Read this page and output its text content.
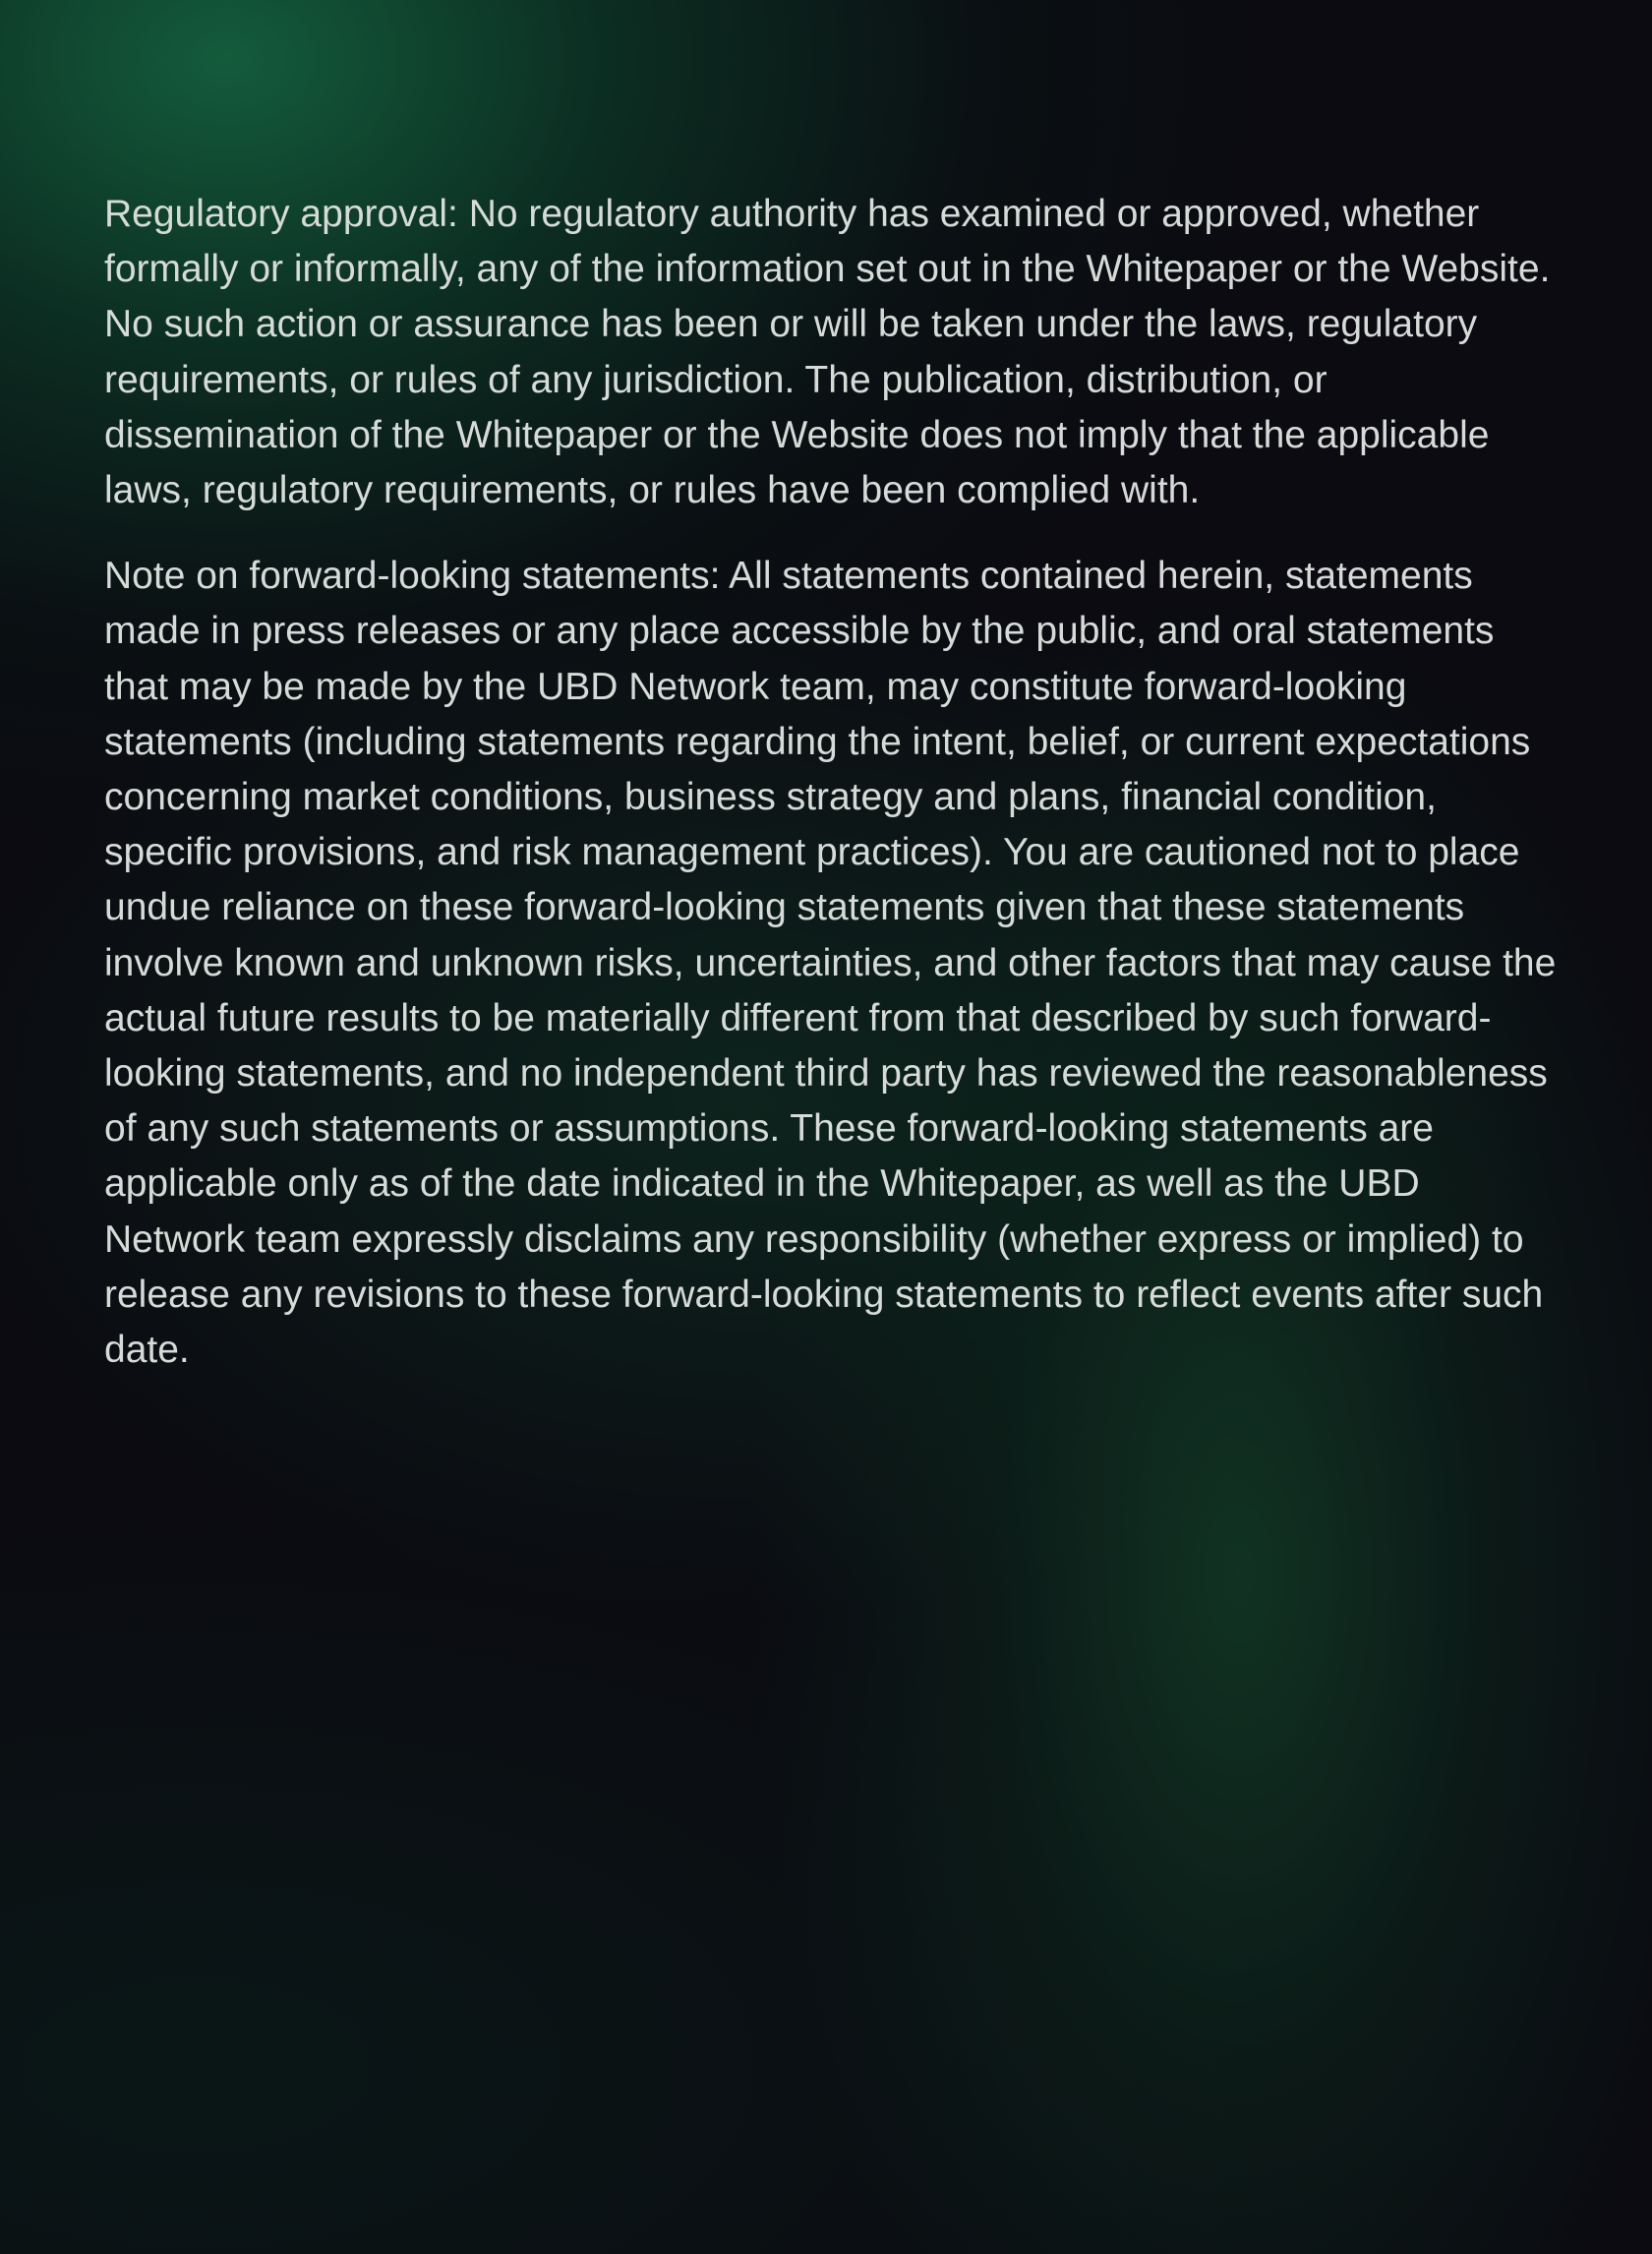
Regulatory approval: No regulatory authority has examined or approved, whether formally or informally, any of the information set out in the Whitepaper or the Website. No such action or assurance has been or will be taken under the laws, regulatory requirements, or rules of any jurisdiction. The publication, distribution, or dissemination of the Whitepaper or the Website does not imply that the applicable laws, regulatory requirements, or rules have been complied with.

Note on forward-looking statements: All statements contained herein, statements made in press releases or any place accessible by the public, and oral statements that may be made by the UBD Network team, may constitute forward-looking statements (including statements regarding the intent, belief, or current expectations concerning market conditions, business strategy and plans, financial condition, specific provisions, and risk management practices). You are cautioned not to place undue reliance on these forward-looking statements given that these statements involve known and unknown risks, uncertainties, and other factors that may cause the actual future results to be materially different from that described by such forward-looking statements, and no independent third party has reviewed the reasonableness of any such statements or assumptions. These forward-looking statements are applicable only as of the date indicated in the Whitepaper, as well as the UBD Network team expressly disclaims any responsibility (whether express or implied) to release any revisions to these forward-looking statements to reflect events after such date.
